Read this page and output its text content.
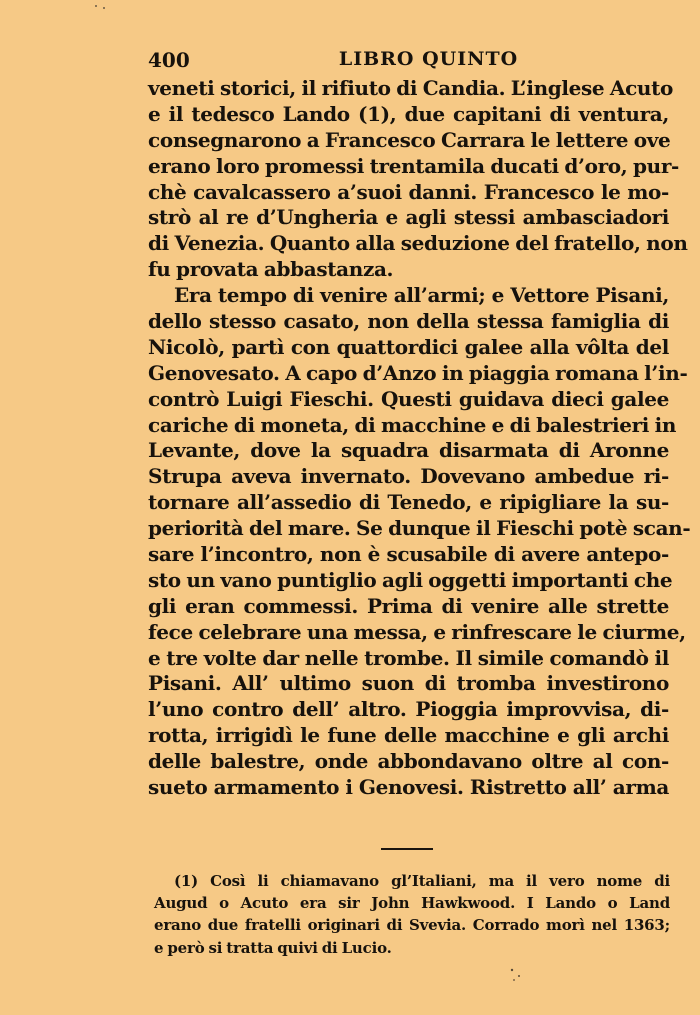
400	LIBRO QUINTO
veneti storici, il rifiuto di Candia. L’inglese Acuto
e il tedesco Lando (1), due capitani di ventura,
consegnarono a Francesco Carrara le lettere ove
erano loro promessi trentamila ducati d’oro, pur-
chè cavalcassero a’suoi danni. Francesco le mo-
strò al re d’Ungheria e agli stessi ambasciadori
di Venezia. Quanto alla seduzione del fratello, non
fu provata abbastanza.
Era tempo di venire all’armi; e Vettore Pisani,
dello stesso casato, non della stessa famiglia di
Nicolò, partì con quattordici galee alla vôlta del
Genovesato. A capo d’Anzo in piaggia romana l’in-
contrò Luigi Fieschi. Questi guidava dieci galee
cariche di moneta, di macchine e di balestrieri in
Levante, dove la squadra disarmata di Aronne
Strupa aveva invernato. Dovevano ambedue ri-
tornare all’assedio di Tenedo, e ripigliare la su-
periorità del mare. Se dunque il Fieschi potè scan-
sare l’incontro, non è scusabile di avere antepo-
sto un vano puntiglio agli oggetti importanti che
gli eran commessi. Prima di venire alle strette
fece celebrare una messa, e rinfrescare le ciurme,
e tre volte dar nelle trombe. Il simile comandò il
Pisani. All’ ultimo suon di tromba investirono
l’uno contro dell’ altro. Pioggia improvvisa, di-
rotta, irrigidì le fune delle macchine e gli archi
delle balestre, onde abbondavano oltre al con-
sueto armamento i Genovesi. Ristretto all’ arma
(1) Così li chiamavano gl’Italiani, ma il vero nome di
Augud o Acuto era sir John Hawkwood. I Lando o Land
erano due fratelli originari di Svevia. Corrado morì nel 1363;
e però si tratta quivi di Lucio.
